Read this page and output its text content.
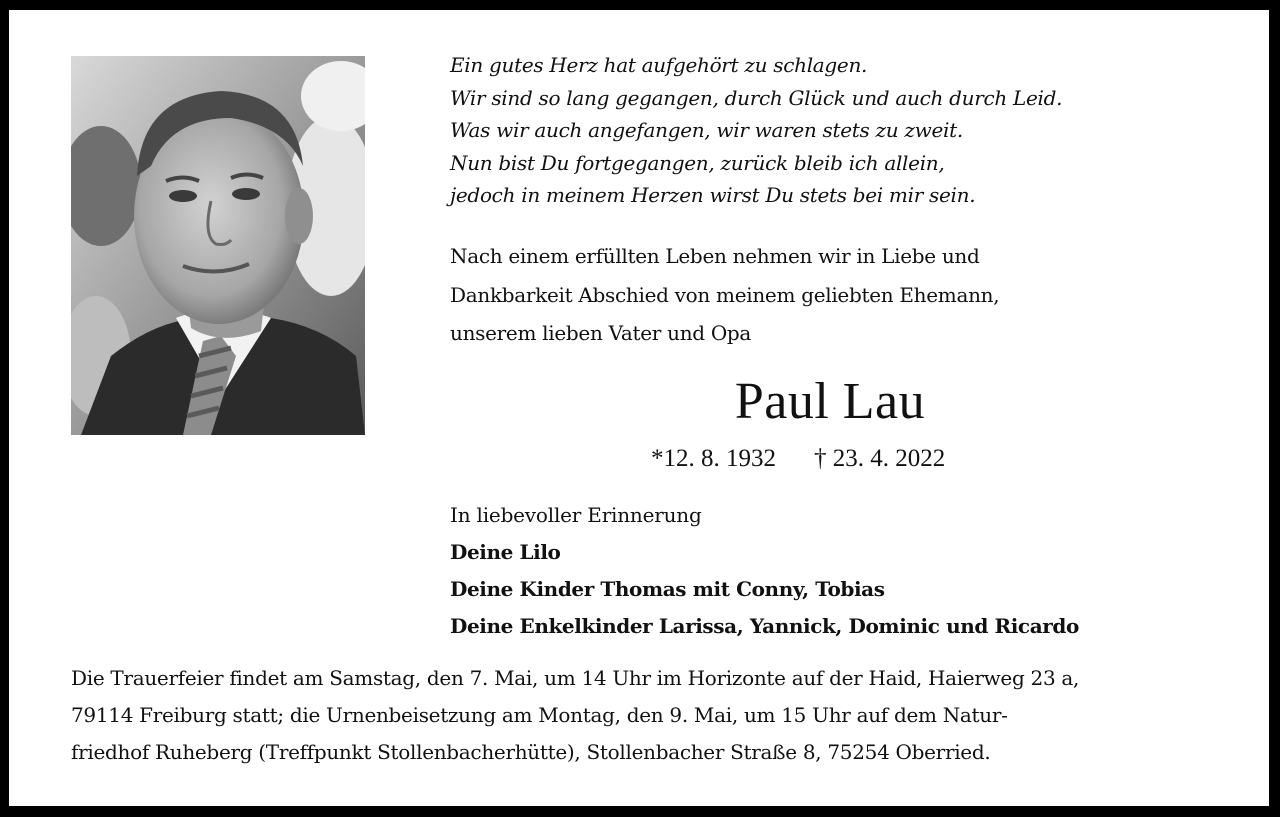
Ein gutes Herz hat aufgehört zu schlagen.
Wir sind so lang gegangen, durch Glück und auch durch Leid.
Was wir auch angefangen, wir waren stets zu zweit.
Nun bist Du fortgegangen, zurück bleib ich allein,
jedoch in meinem Herzen wirst Du stets bei mir sein.
Nach einem erfüllten Leben nehmen wir in Liebe und
Dankbarkeit Abschied von meinem geliebten Ehemann,
unserem lieben Vater und Opa
Paul Lau
*12. 8. 1932 † 23. 4. 2022
In liebevoller Erinnerung
Deine Lilo
Deine Kinder Thomas mit Conny, Tobias
Deine Enkelkinder Larissa, Yannick, Dominic und Ricardo
Die Trauerfeier findet am Samstag, den 7. Mai, um 14 Uhr im Horizonte auf der Haid, Haierweg 23 a,
79114 Freiburg statt; die Urnenbeisetzung am Montag, den 9. Mai, um 15 Uhr auf dem Natur-
friedhof Ruheberg (Treffpunkt Stollenbacherhütte), Stollenbacher Straße 8, 75254 Oberried.
